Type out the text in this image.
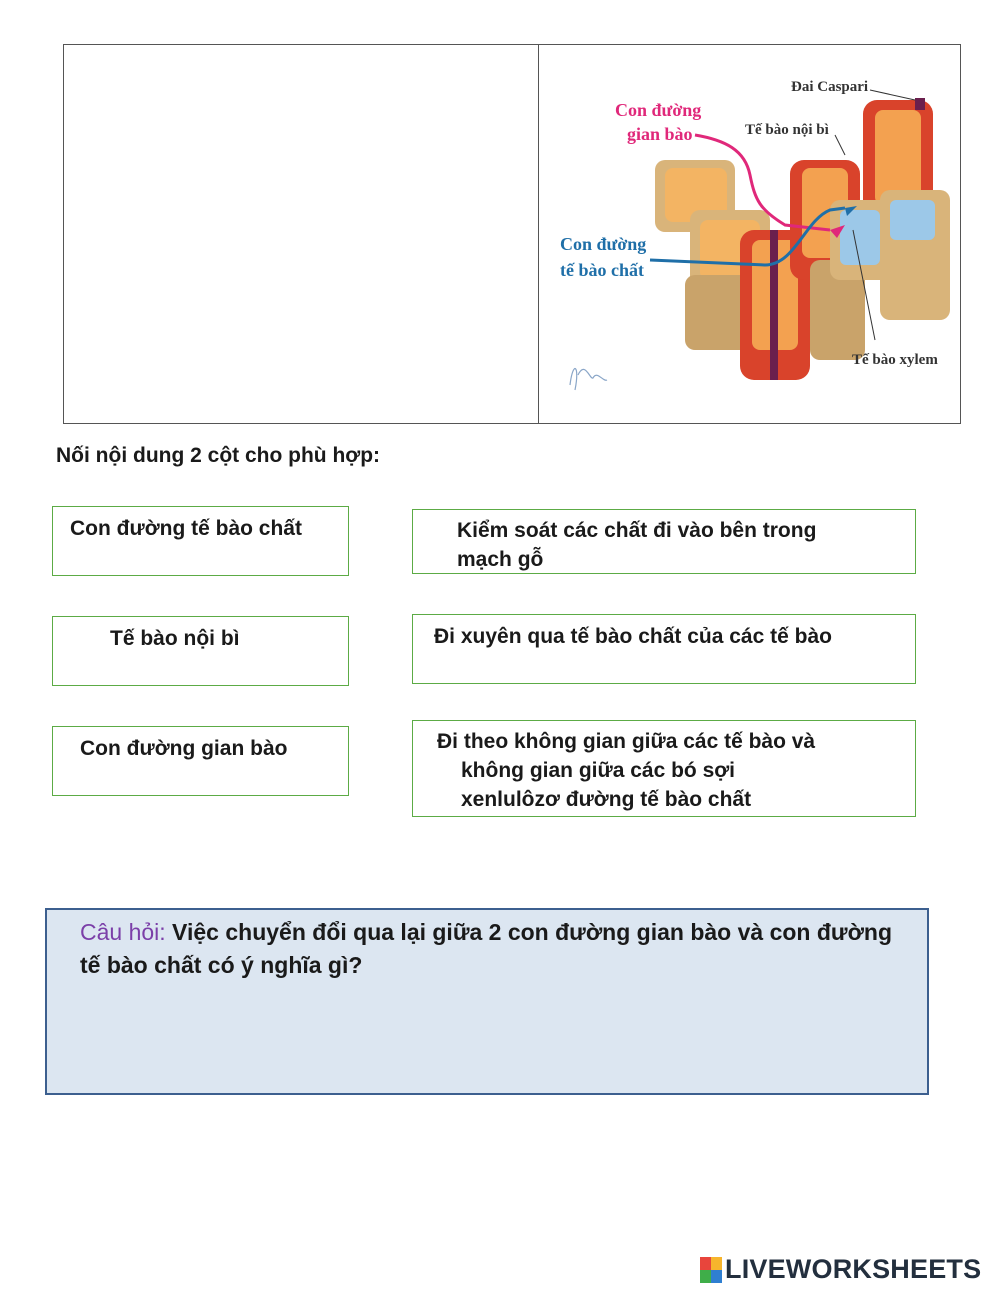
Đai Caspari
Tế bào nội bì
Con đường
gian bào
Con đường
tế bào chất
Tế bào xylem
Nối nội dung 2 cột cho phù hợp:
Con đường tế bào chất
Tế bào nội bì
Con đường gian bào
Kiểm soát các chất đi vào bên trong
mạch gỗ
Đi xuyên qua tế bào chất của các tế bào
Đi theo không gian giữa các tế bào và
không gian giữa các bó sợi
xenlulôzơ đường tế bào chất
Câu hỏi: Việc chuyển đổi qua lại giữa 2 con đường gian bào và con đường tế bào chất có ý nghĩa gì?
LIVEWORKSHEETS
